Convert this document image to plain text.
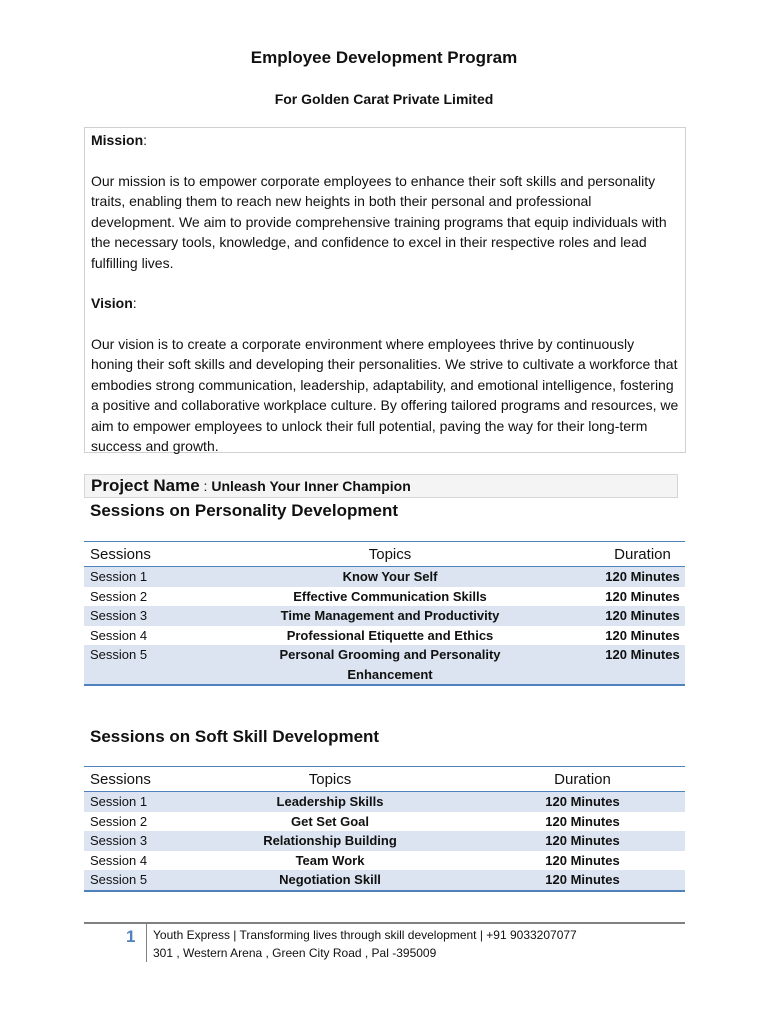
Employee Development Program
For Golden Carat Private Limited

Mission:

Our mission is to empower corporate employees to enhance their soft skills and personality traits, enabling them to reach new heights in both their personal and professional development. We aim to provide comprehensive training programs that equip individuals with the necessary tools, knowledge, and confidence to excel in their respective roles and lead fulfilling lives.

Vision:

Our vision is to create a corporate environment where employees thrive by continuously honing their soft skills and developing their personalities. We strive to cultivate a workforce that embodies strong communication, leadership, adaptability, and emotional intelligence, fostering a positive and collaborative workplace culture. By offering tailored programs and resources, we aim to empower employees to unlock their full potential, paving the way for their long-term success and growth.

Project Name : Unleash Your Inner Champion
Sessions on Personality Development
Sessions	Topics	Duration
Session 1	Know Your Self	120 Minutes
Session 2	Effective Communication Skills	120 Minutes
Session 3	Time Management and Productivity	120 Minutes
Session 4	Professional Etiquette and Ethics	120 Minutes
Session 5	Personal Grooming and Personality Enhancement	120 Minutes
Sessions on Soft Skill Development
Sessions	Topics	Duration
Session 1	Leadership Skills	120 Minutes
Session 2	Get Set Goal	120 Minutes
Session 3	Relationship Building	120 Minutes
Session 4	Team Work	120 Minutes
Session 5	Negotiation Skill	120 Minutes
1 Youth Express | Transforming lives through skill development | +91 9033207077
301 , Western Arena , Green City Road , Pal -395009
